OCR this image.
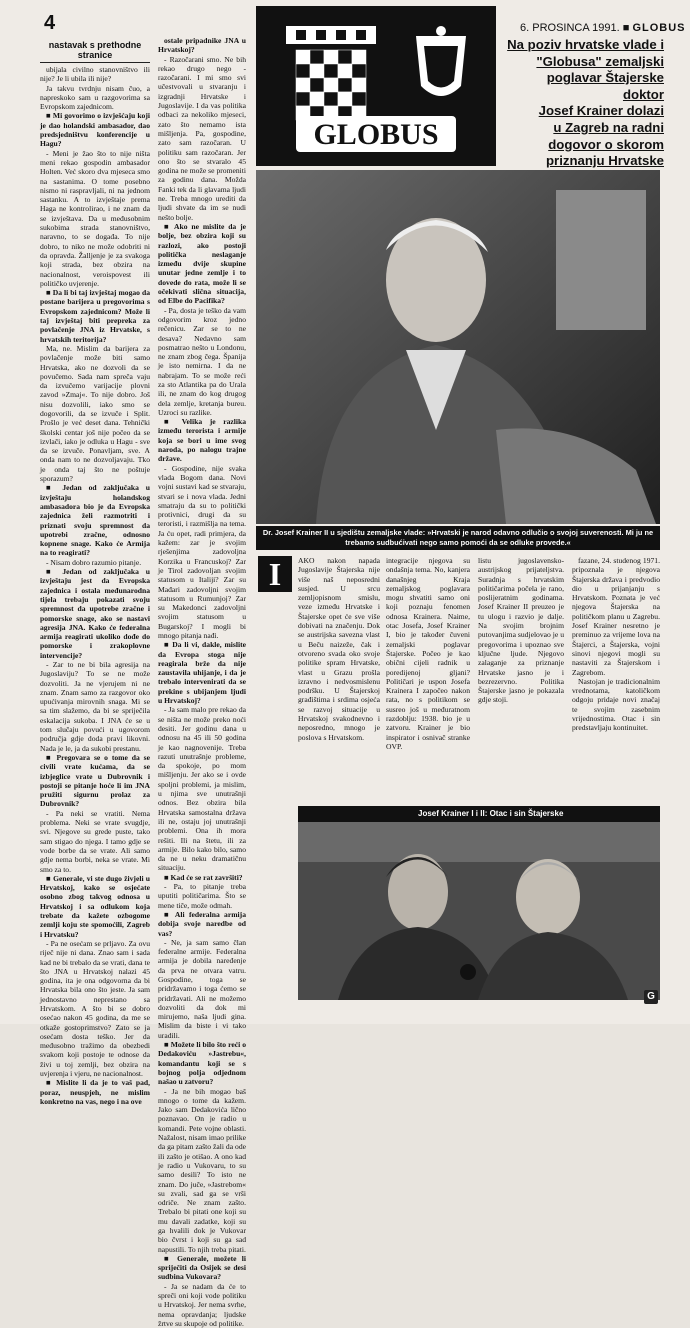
4
nastavak s prethodne stranice

ubijala civilno stanovništvo ili nije? Je li ubila ili nije?

Ja takvu tvrdnju nisam čuo, a napreskoko sam u razgovorima sa Evropskom zajednicom.

■ Mi govorimo o izvješćaju koji je dao holandski ambasador, dao predsjedništvu konferencije u Hagu?

- Meni je žao što to nije ništa meni rekao gospodin ambasador Holten. Već skoro dva mjeseca smo na sastanima. O tome posebno nismo ni raspravljali, ni na jednom sastanku. A to izvještaje prema Haga ne kontrolirao, i ne znam da se izvještava. Da u međusobnim sukobima strada stanovništvo, naravno, to se događa. To nije dobro, to niko ne može odobriti ni da opravda. Žalljenje je za svakoga koji strada, bez obzira na nacionalnost, veroispovest ili političko uvjerenje.

■ Da li bi taj izvještaj mogao da postane barijera u pregovorima s Evropskom zajednicom? Može li taj izvještaj biti prepreka za povlačenje JNA iz Hrvatske, s hrvatskih teritorija?

Ma, ne. Mislim da barijera za povlačenje može biti samo Hrvatska, ako ne dozvoli da se povučemo. Sada nam spreča vaju da izvučemo varijacije plovni zavod »Zmaj«. To nije dobro. Još nisu dozvolili, iako smo se dogovorili, da se izvuče i Split. Prošlo je već deset dana. Tehnički školski centar još nije počeo da se izvlači, iako je odluka u Hagu - sve da se izvuče. Ponavljam, sve. A onda nam to ne dozvoljavaju. Tko je onda taj što ne poštuje sporazum?

■ Jedan od zaključaka u izvještaju holandskog ambasadora bio je da Evropska zajednica želi razmotriti i priznati svoju spremnost da upotrebi zračne, odnosno kopnene snage. Kako će Armija na to reagirati?

- Nisam dobro razumio pitanje.

■ Jedan od zaključaka u izvještaju jest da Evropska zajednica i ostala međunarodna tijela trebaju pokazati svoju spremnost da upotrebe zračne i pomorske snage, ako se nastavi agresija JNA. Kako će federalna armija reagirati ukoliko dođe do pomorske i zrakoplovne intervencije?

- Zar to ne bi bila agresija na Jugoslaviju? To se ne može dozvoliti. Ja ne vjerujem ni ne znam. Znam samo za razgovor oko upućivanja mirovnih snaga. Mi se sa tim slažemo, da bi se spriječila eskalacija sukoba. I JNA će se u tom slučaju povući u ugovorom područja gdje doda pravi likovni. Nada je le, ja da sukobi prestanu.

■ Pregovara se o tome da se civili vrate kućama, da se izbjeglice vrate u Dubrovnik i postoji se pitanje hoće li im JNA pružiti sigurnu prolaz za Dubrovnik?

- Pa neki se vratiti. Nema problema. Neki se vrate svugdje, svi. Njegove su grede puste, tako sam stigao do njega. I tamo gdje se vode borbe da se vrate. Ali samo gdje nema borbi, neka se vrate. Mi smo za to.

■ Generale, vi ste dugo živjeli u Hrvatskoj, kako se osjećate osobno zbog takvog odnosa u Hrvatskoj i sa odlukom koja trebate da kažete ozbogome zemlji koju ste spomoćili, Zagreb i Hrvatsku?

- Pa ne osećam se prljavo. Za ovu riječ nije ni dana. Znao sam i sada kad ne bi trebalo da se vrati, dana te što JNA u Hrvatskoj nalazi 45 godina, ita je ona odgovorna da bi Hrvatska bila ono što jeste. Ja sam jednostavno neprestano sa Hrvatskom. A što bi se dobro osećao nakon 45 godina, da me se otkaže gostoprimstvo? Zato se ja osećam dosta teško. Jer da međusobno tražimo da obezbedi svakom koji postoje te odnose da živi u toj zemlji, bez obzira na uvjerenja i vjeru, ne nacionalnost.

■ Mislite li da je to vaš pad, poraz, neuspjeh, ne mislim konkretno na vas, nego i na ove

ostale pripadnike JNA u Hrvatskoj?

- Razočarani smo. Ne bih rekao drugo nego - razočarani. I mi smo svi učestvovali u stvaranju i izgradnji Hrvatske i Jugoslavije. I da vas politika odbaci za nekoliko mjeseci, zato što nemamo ista mišljenja. Pa, gospodine, zato sam razočaran. U politiku sam razočaran. Jer ono što se stvaralo 45 godina ne može se promeniti za godinu dana. Možda Fanki tek da li glavama ljudi ne. Treba mnogo urediti da ljudi shvate da im se nudi nešto bolje.

■ Ako ne mislite da je bolje, bez obzira koji su razlozi, ako postoji politička neslaganje između dvije skupine unutar jedne zemlje i to dovede do rata, može li se očekivati slična situacija, od Elbe do Pacifika?

- Pa, dosta je teško da vam odgovorim kroz jedno rečenicu. Zar se to ne desava? Nedavno sam posmatrao nešto u Londonu, ne znam zbog čega. Španija je isto nemirna. I da ne nabrajam. To se može reći za sto Atlantika pa do Urala ili, ne znam do kog drugog dela zemlje, kretanja bureu. Uzroci su razlike.

■ Velika je razlika između terorista i armije koja se bori u ime svog naroda, po nalogu trajne države.

- Gospodine, nije svaka vlada Bogom dana. Novi vojni sustavi kad se stvaraju, stvari se i nova vlada. Jedni smatraju da su to politički protivnici, drugi da su teroristi, i razmišlja na tema. Ja ću opet, radi primjera, da kažem: zar je svojim rješenjima zadovoljna Korzika u Francuskoj? Zar je Tirol zadovoljan svojim statusom u Italiji? Zar su Mađari zadovoljni svojim statusom u Rumunjoj? Zar su Makedonci zadovoljni svojim statusom u Bugarskoj? I mogli bi mnogo pitanja nađi.

■ Da li vi, dakle, mislite da Evropa stoga nije reagirala brže da nije zaustavila uhijanje, i da je trebalo intervenirati da se prekine s ubijanjem ljudi u Hrvatskoj?

- Ja sam malo pre rekao da se ništa ne može preko noći desiti. Jer godinu dana u odnosu na 45 ili 50 godina je kao nagnovenije. Treba razuti unutrašnje probleme, da spokoje, po mom mišljenju. Jer ako se i ovde spoljni problemi, ja mislim, u njima sve unutrašnji odnos. Bez obzira bila Hrvatska samostalna država ili ne, ostaju joj unutrašnji problemi. Ona ih mora rešiti. Ili na štetu, ili za armije. Bilo kako bilo, samo da ne u neku dramatičnu situaciju.

■ Kad će se rat završiti?

- Pa, to pitanje treba uputiti političarima. Što se mene tiče, može odmah.

■ Ali federalna armija dobija svoje naredbe od vas?

- Ne, ja sam samo član federalne armije. Federalna armija je dobila naređenje da prva ne otvara vatru. Gospodine, toga se pridržavamo i toga ćemo se pridržavati. Ali ne možemo dozvoliti da dok mi mirujemo, naša ljudi gina. Mislim da biste i vi tako uradili.

■ Možete li bilo što reći o Dedakoviću »Jastrebu«, komandantu koji se s bojnog polja odjednom našao u zatvoru?

- Ja ne bih mogao baš mnogo o tome da kažem. Jako sam Dedakovića lično poznavao. On je radio u komandi. Pete vojne oblasti. Nažalost, nisam imao prilike da ga pitam zašto žali da ode ili zašto je otišao. A ono kad je radio u Vukovaru, to su samo desili? To isto ne znam. Do juče, »Jastrebom« su zvali, sad ga se vrši odriče. Ne znam zašto. Trebalo bi pitati one koji su mu davali zadatke, koji su ga hvalili dok je Vukovar bio čvrst i koji su ga sad napustili. To njih treba pitati.

■ Generale, možete li spriječiti da Osijek se desi sudbina Vukovara?

- Ja se nadam da će to spreči oni koji vode politiku u Hrvatskoj. Jer nema svrhe, nema opravdanja; ljudske žrtve su skupoje od politike.

GLOBUS
6. PROSINCA 1991. ■ GLOBUS
Na poziv hrvatske vlade i
"Globusa" zemaljski
poglavar Štajerske doktor
Josef Krainer dolazi
u Zagreb na radni
dogovor o skorom
priznanju Hrvatske
Dr. Josef Krainer II u sjedištu zemaljske vlade: »Hrvatski je narod odavno odlučio o svojoj suverenosti. Mi ju ne trebamo sudbućivati nego samo pomoći da se odluke provede.«
I	AKO nakon napada Jugoslavije Štajerska nije više naš neposredni susjed. U srcu zemljopisnom smislu, veze između Hrvatske i Štajerske opet će sve više dobivati na značenju. Dok se austrijska savezna vlast u Beču naizeže, čak i otvoreno svada oko svoje politike spram Hrvatske, vlast u Grazu prošla izravno i nedvosmislenu podršku. U Štajerskoj građištima i srdima osjeća se razvoj situacije u Hrvatskoj svakodnevno i neposredno, mnogo je poslova s Hrvatskom.
integracije njegova su ondašnja tema. No, kanjera današnjeg Kraja zemaljskog poglavara mogu shvatiti samo oni koji poznaju fenomen odnosa Krainera. Naime, otac Josefa, Josef Krainer I, bio je također čuveni zemaljski poglavar Štajerske. Počeo je kao obični cijeli radnik u poredijenoj gljani? Političari je uspon Josefa Krainera I započeo nakon rata, no s politikom se susreo još u međuratnom razdoblju: 1938. bio je u zatvoru. Krainer je bio inspirator i osnivač stranke OVP.
listu jugoslavensko-austrijskog prijateljstva. Suradnja s hrvatskim političarima počela je rano, poslijeratnim godinama. Josef Krainer II preuzeo je tu ulogu i razvio je dalje. Na svojim brojnim putovanjima sudjelovao je u pregovorima i upoznao sve ključne ljude. Njegovo zalaganje za priznanje Hrvatske jasno je i bezrezervno. Politika Štajerske jasno je pokazala gdje stoji.

fazane, 24. studenog 1971. pripoznala je njegova Štajerska država i predvodio dio u prijanjanju s Hrvatskom. Poznata je već njegova Štajerska na političkom planu u Zagrebu. Josef Krainer nesretno je preminuo za vrijeme lova na Štajerci, a Štajerska, vojni sinovi njegovi mogli su nastaviti za Štajerskom i Zagrebom.

Nastojan je tradicionalnim vrednotama, katoličkom odgoju pridaje novi značaj te svojim zasebnim vrijednostima. Otac i sin predstavljaju kontinuitet.

Josef Krainer I i II: Otac i sin Štajerske
G
